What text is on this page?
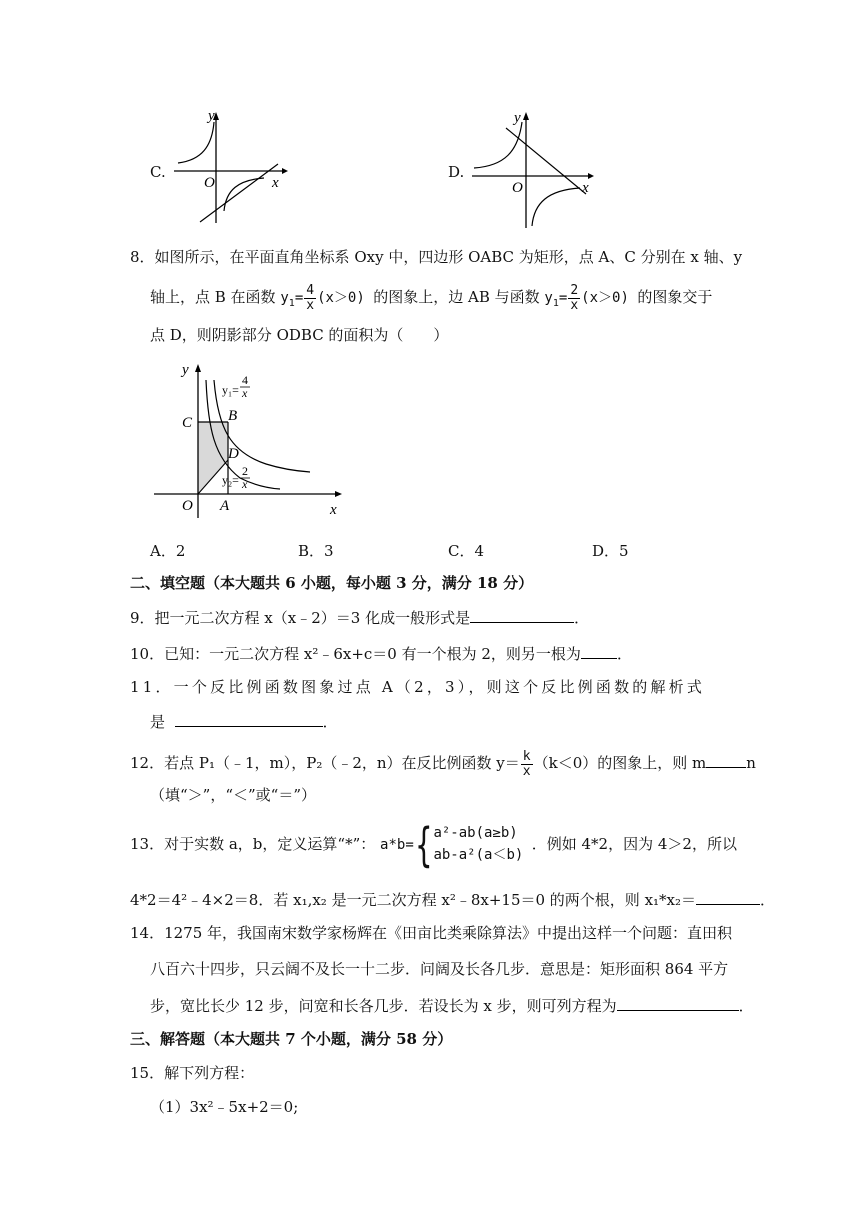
C.
y
x
O
D.
y
x
O
8．如图所示，在平面直角坐标系 Oxy 中，四边形 OABC 为矩形，点 A、C 分别在 x 轴、y
轴上，点 B 在函数 $y_1= \frac{4}{x} (x>0)$ 的图象上，边 AB 与函数 $y_1= \frac{2}{x} (x>0)$ 的图象交于
点 D，则阴影部分 ODBC 的面积为（　　）
y
x
O
C B
D
A
y₁=
4
x
y₂=
2
x
A．2	B．3	C．4	D．5
二、填空题（本大题共 6 小题，每小题 3 分，满分 18 分）
9．把一元二次方程 x（x﹣2）＝3 化成一般形式是	．
10．已知：一元二次方程 x²﹣6x+c＝0 有一个根为 2，则另一根为 ．
11．一个反比例函数图象过点 A（2，3），则这个反比例函数的解析式
是	．
12．若点 P₁（﹣1，m），P₂（﹣2，n）在反比例函数 $y= \frac{k}{x} (k<0)$的图象上，则 m	n
（填“＞”，“＜”或“＝”）
13．对于实数 a，b，定义运算“*”： a*b={ a²-ab(a≥b)
ab-a²(a＜b)
．例如 4*2，因为 4＞2，所以
4*2＝4²﹣4×2＝8．若 x₁,x₂ 是一元二次方程 x²﹣8x+15＝0 的两个根，则 x₁*x₂＝	．
14．1275 年，我国南宋数学家杨辉在《田亩比类乘除算法》中提出这样一个问题：直田积
八百六十四步，只云阔不及长一十二步．问阔及长各几步．意思是：矩形面积 864 平方
步，宽比长少 12 步，问宽和长各几步．若设长为 x 步，则可列方程为	．
三、解答题（本大题共 7 个小题，满分 58 分）
15．解下列方程：
（1）3x²﹣5x+2＝0;
